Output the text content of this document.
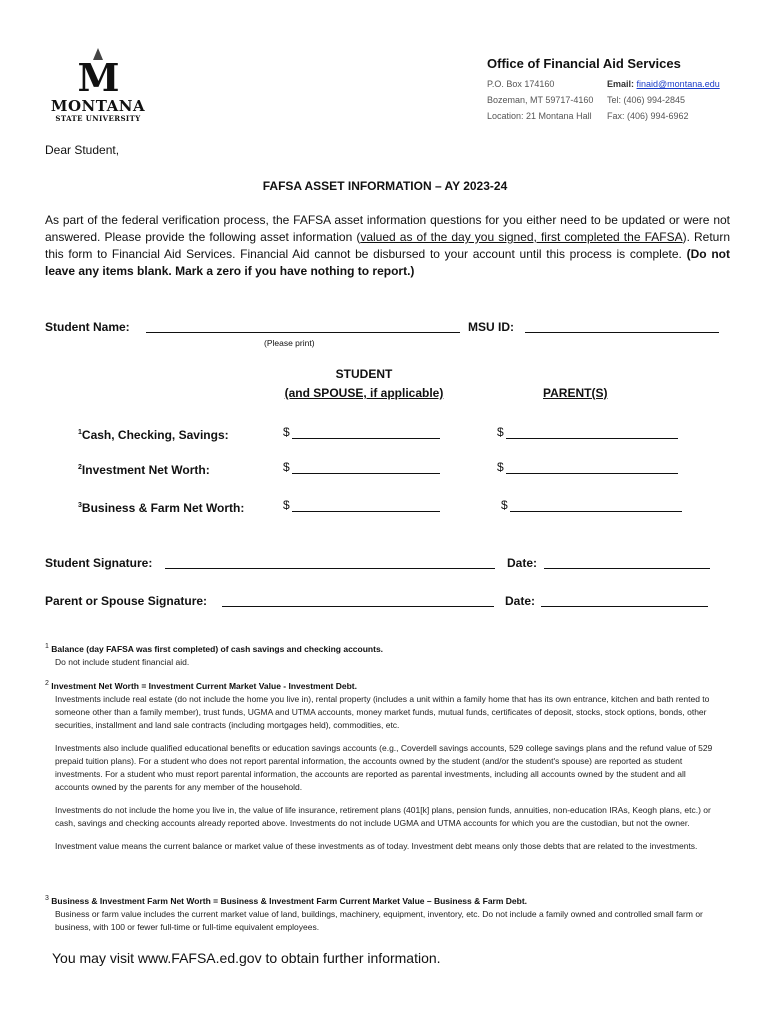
M
MONTANA
STATE UNIVERSITY
Office of Financial Aid Services
P.O. Box 174160	Email: finaid@montana.edu
Bozeman, MT 59717-4160	Tel: (406) 994-2845
Location: 21 Montana Hall	Fax: (406) 994-6962
Dear Student,
FAFSA ASSET INFORMATION – AY 2023-24
As part of the federal verification process, the FAFSA asset information questions for you either need to be updated or were not answered. Please provide the following asset information (valued as of the day you signed, first completed the FAFSA). Return this form to Financial Aid Services. Financial Aid cannot be disbursed to your account until this process is complete. (Do not leave any items blank. Mark a zero if you have nothing to report.)
Student Name:	MSU ID:
(Please print)
STUDENT
(and SPOUSE, if applicable)	PARENT(S)
$^1$Cash, Checking, Savings:	$	$
$^2$Investment Net Worth:	$	$
$^3$Business & Farm Net Worth:	$	$
Student Signature:	Date:
Parent or Spouse Signature:	Date:

$^1$ Balance (day FAFSA was first completed) of cash savings and checking accounts.

Do not include student financial aid.

$^2$ Investment Net Worth = Investment Current Market Value - Investment Debt.

Investments include real estate (do not include the home you live in), rental property (includes a unit within a family home that has its own entrance, kitchen and bath rented to someone other than a family member), trust funds, UGMA and UTMA accounts, money market funds, mutual funds, certificates of deposit, stocks, stock options, bonds, other securities, installment and land sale contracts (including mortgages held), commodities, etc.

Investments also include qualified educational benefits or education savings accounts (e.g., Coverdell savings accounts, 529 college savings plans and the refund value of 529 prepaid tuition plans). For a student who does not report parental information, the accounts owned by the student (and/or the student's spouse) are reported as student investments. For a student who must report parental information, the accounts are reported as parental investments, including all accounts owned by the student and all accounts owned by the parents for any member of the household.

Investments do not include the home you live in, the value of life insurance, retirement plans (401[k] plans, pension funds, annuities, non-education IRAs, Keogh plans, etc.) or cash, savings and checking accounts already reported above. Investments do not include UGMA and UTMA accounts for which you are the custodian, but not the owner.

Investment value means the current balance or market value of these investments as of today. Investment debt means only those debts that are related to the investments.

$^3$ Business & Investment Farm Net Worth = Business & Investment Farm Current Market Value – Business & Farm Debt.

Business or farm value includes the current market value of land, buildings, machinery, equipment, inventory, etc. Do not include a family owned and controlled small farm or business, with 100 or fewer full-time or full-time equivalent employees.

You may visit www.FAFSA.ed.gov to obtain further information.
